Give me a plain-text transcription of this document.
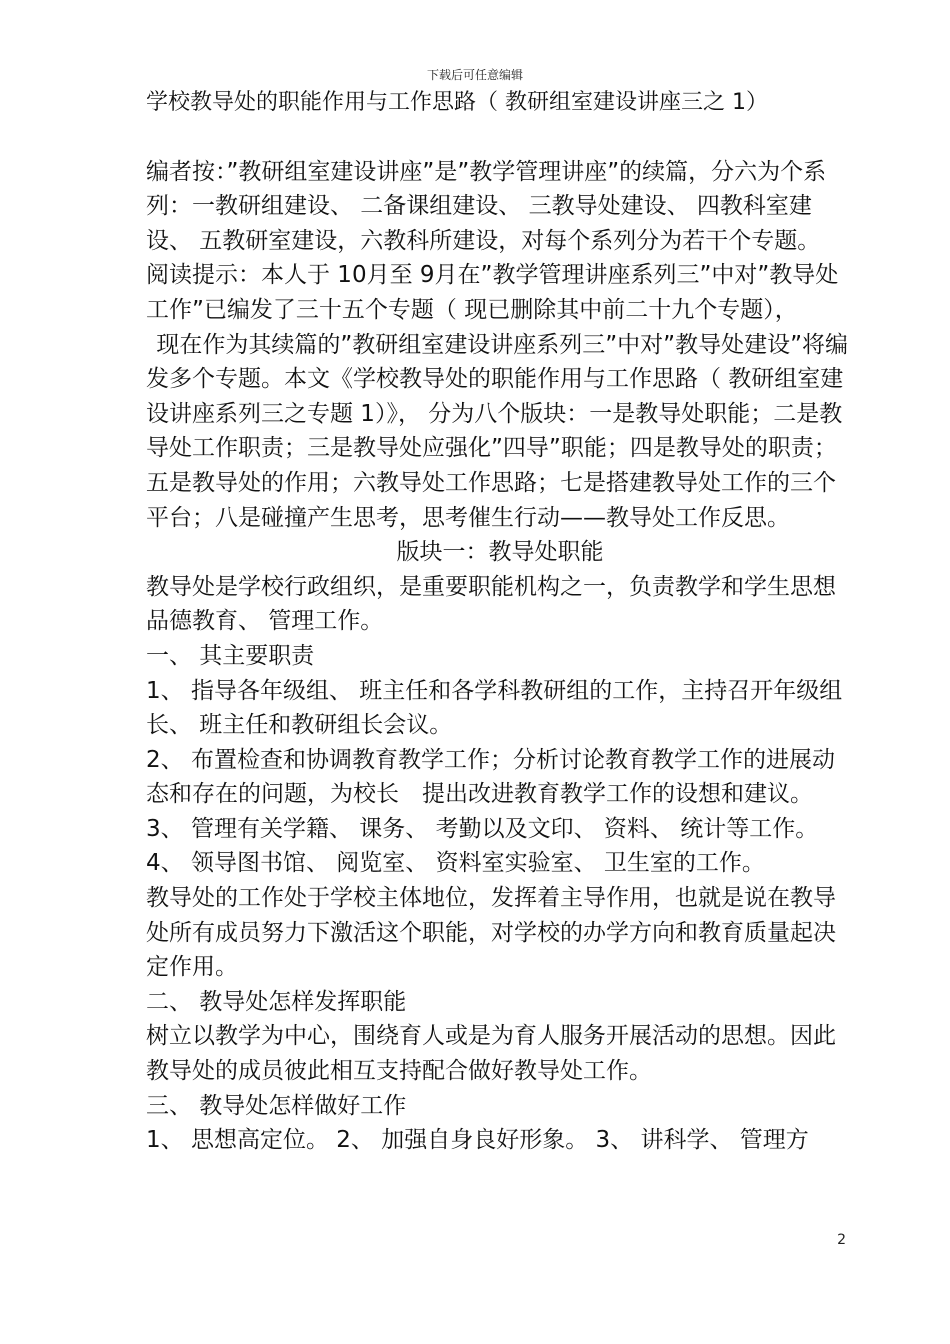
下载后可任意编辑

学校教导处的职能作用与工作思路（ 教研组室建设讲座三之 1）

编者按：”教研组室建设讲座”是”教学管理讲座”的续篇，分六为个系列：一教研组建设、 二备课组建设、 三教导处建设、 四教科室建设、 五教研室建设，六教科所建设，对每个系列分为若干个专题。

阅读提示：本人于 10月至 9月在”教学管理讲座系列三”中对”教导处工作”已编发了三十五个专题（ 现已删除其中前二十九个专题），

现在作为其续篇的”教研组室建设讲座系列三”中对”教导处建设”将编发多个专题。本文《学校教导处的职能作用与工作思路（ 教研组室建设讲座系列三之专题 1）》， 分为八个版块：一是教导处职能；二是教导处工作职责；三是教导处应强化”四导”职能；四是教导处的职责；五是教导处的作用；六教导处工作思路；七是搭建教导处工作的三个平台；八是碰撞产生思考，思考催生行动——教导处工作反思。

版块一：教导处职能

教导处是学校行政组织，是重要职能机构之一，负责教学和学生思想品德教育、 管理工作。

一、 其主要职责

1、 指导各年级组、 班主任和各学科教研组的工作，主持召开年级组长、 班主任和教研组长会议。

2、 布置检查和协调教育教学工作；分析讨论教育教学工作的进展动态和存在的问题，为校长　提出改进教育教学工作的设想和建议。

3、 管理有关学籍、 课务、 考勤以及文印、 资料、 统计等工作。

4、 领导图书馆、 阅览室、 资料室实验室、 卫生室的工作。

教导处的工作处于学校主体地位，发挥着主导作用，也就是说在教导处所有成员努力下激活这个职能，对学校的办学方向和教育质量起决定作用。

二、 教导处怎样发挥职能

树立以教学为中心，围绕育人或是为育人服务开展活动的思想。因此教导处的成员彼此相互支持配合做好教导处工作。

三、 教导处怎样做好工作

1、 思想高定位。 2、 加强自身良好形象。 3、 讲科学、 管理方

2
